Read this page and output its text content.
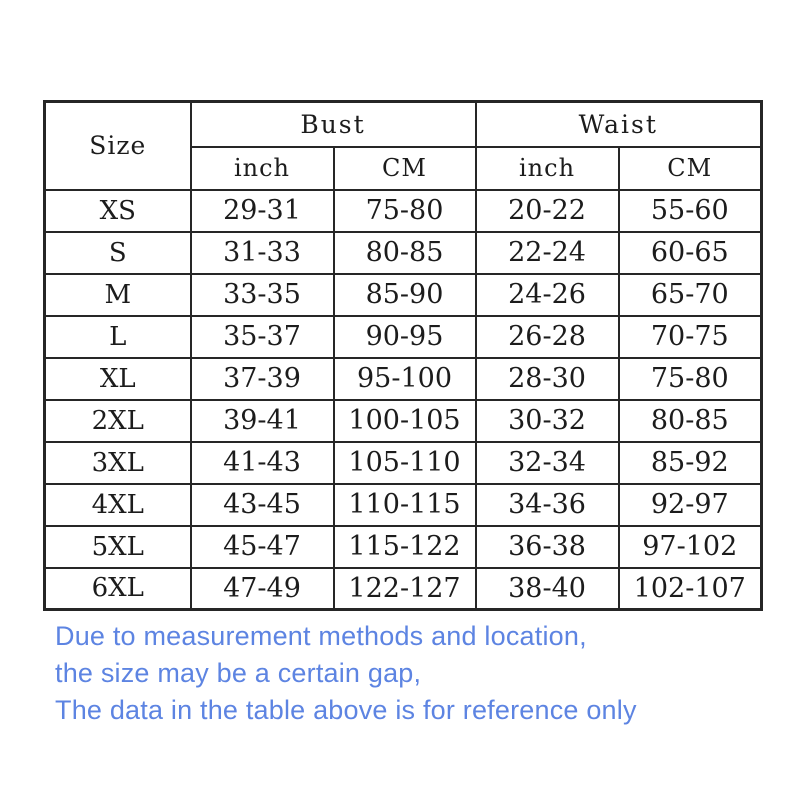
Size	Bust		Waist	
	inch	CM	inch	CM
XS	29-31	75-80	20-22	55-60
S	31-33	80-85	22-24	60-65
M	33-35	85-90	24-26	65-70
L	35-37	90-95	26-28	70-75
XL	37-39	95-100	28-30	75-80
2XL	39-41	100-105	30-32	80-85
3XL	41-43	105-110	32-34	85-92
4XL	43-45	110-115	34-36	92-97
5XL	45-47	115-122	36-38	97-102
6XL	47-49	122-127	38-40	102-107
Due to measurement methods and location,
the size may be a certain gap,
The data in the table above is for reference only
